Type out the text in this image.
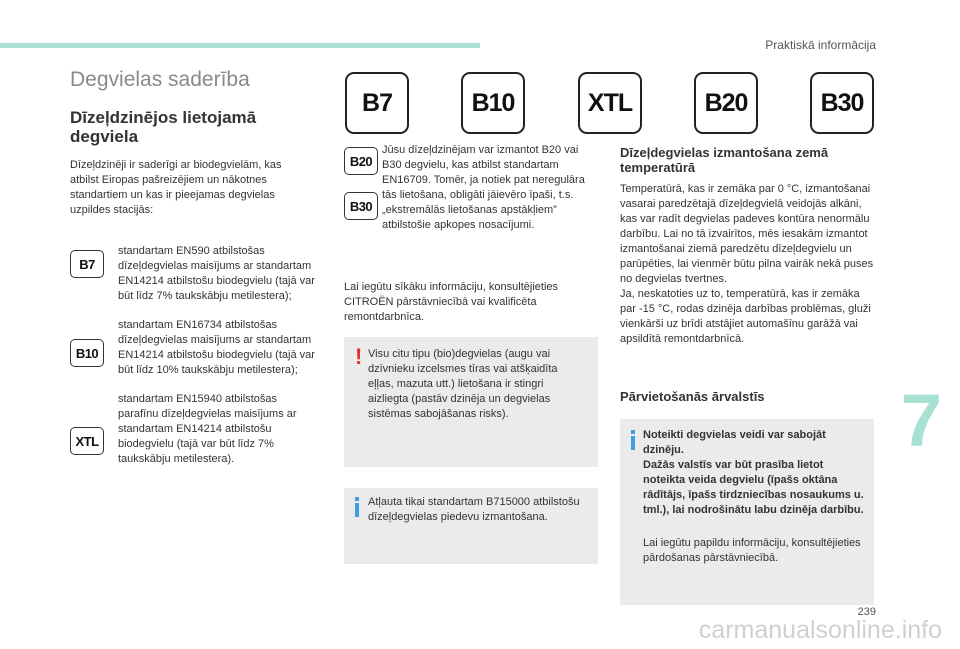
Praktiskā informācija
Degvielas saderība
Dīzeļdzinējos lietojamā degviela
Dīzeļdzinēji ir saderīgi ar biodegvielām, kas atbilst Eiropas pašreizējiem un nākotnes standartiem un kas ir pieejamas degvielas uzpildes stacijās:
B7
standartam EN590 atbilstošas dīzeļdegvielas maisījums ar standartam EN14214 atbilstošu biodegvielu (tajā var būt līdz 7% taukskābju metilestera);
B10
standartam EN16734 atbilstošas dīzeļdegvielas maisījums ar standartam EN14214 atbilstošu biodegvielu (tajā var būt līdz 10% taukskābju metilestera);
XTL
standartam EN15940 atbilstošas parafīnu dīzeļdegvielas maisījums ar standartam EN14214 atbilstošu biodegvielu (tajā var būt līdz 7% taukskābju metilestera).
B7	B10	XTL	B20	B30
B20
B30
Jūsu dīzeļdzinējam var izmantot B20 vai B30 degvielu, kas atbilst standartam EN16709. Tomēr, ja notiek pat neregulāra tās lietošana, obligāti jāievēro īpaši, t.s. „ekstremālās lietošanas apstākļiem” atbilstošie apkopes nosacījumi.
Lai iegūtu sīkāku informāciju, konsultējieties CITROËN pārstāvniecībā vai kvalificēta remontdarbnīca.
! Visu citu tipu (bio)degvielas (augu vai dzīvnieku izcelsmes tīras vai atšķaidīta eļļas, mazuta utt.) lietošana ir stingri aizliegta (pastāv dzinēja un degvielas sistēmas sabojāšanas risks).
Atļauta tikai standartam B715000 atbilstošu dīzeļdegvielas piedevu izmantošana.
Dīzeļdegvielas izmantošana zemā temperatūrā
Temperatūrā, kas ir zemāka par 0 °C, izmantošanai vasarai paredzētajā dīzeļdegvielā veidojās alkāni, kas var radīt degvielas padeves kontūra nenormālu darbību. Lai no tā izvairītos, mēs iesakām izmantot izmantošanai ziemā paredzētu dīzeļdegvielu un parūpēties, lai vienmēr būtu pilna vairāk nekā puses no degvielas tvertnes.
Ja, neskatoties uz to, temperatūrā, kas ir zemāka par -15 °C, rodas dzinēja darbības problēmas, gluži vienkārši uz brīdi atstājiet automašīnu garāžā vai apsildītā remontdarbnīcā.
Pārvietošanās ārvalstīs
Noteikti degvielas veidi var sabojāt dzinēju.
Dažās valstīs var būt prasība lietot noteikta veida degvielu (īpašs oktāna rādītājs, īpašs tirdzniecības nosaukums u. tml.), lai nodrošinātu labu dzinēja darbību.
Lai iegūtu papildu informāciju, konsultējieties pārdošanas pārstāvniecībā.
7
239
carmanualsonline.info
